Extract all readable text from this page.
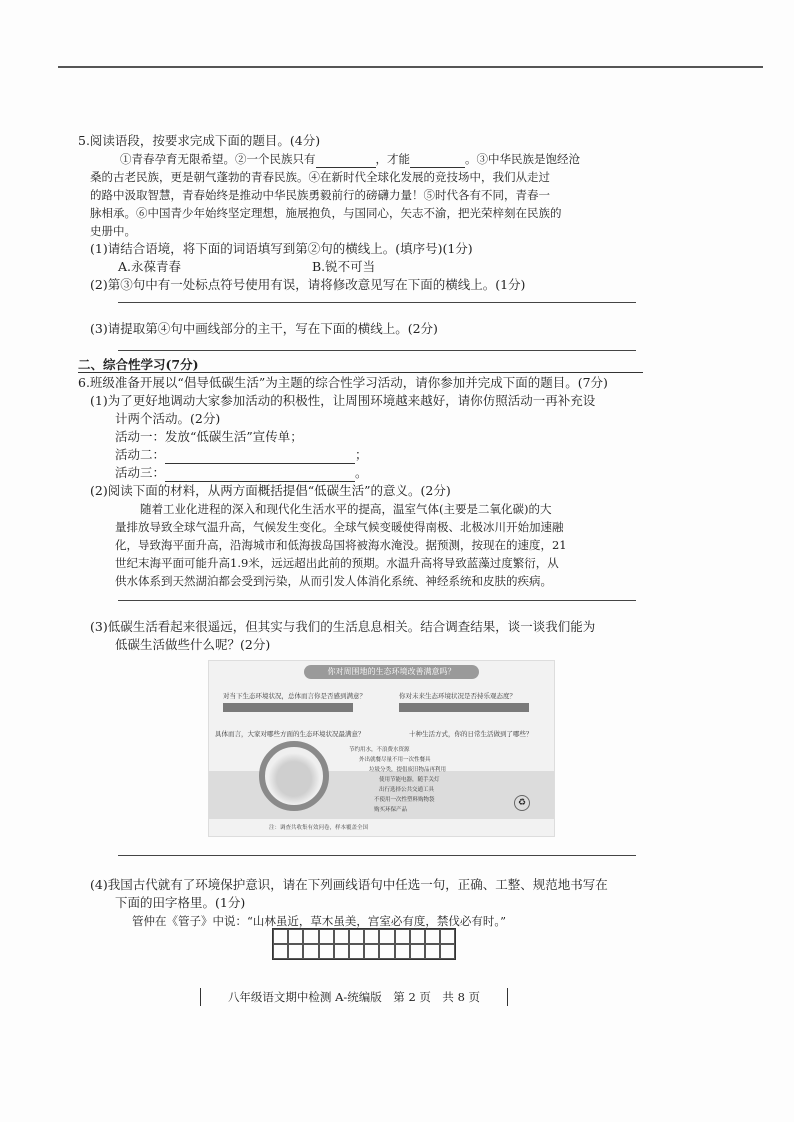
5.阅读语段，按要求完成下面的题目。(4分)
①青春孕育无限希望。②一个民族只有	，才能	。③中华民族是饱经沧
桑的古老民族，更是朝气蓬勃的青春民族。④在新时代全球化发展的竞技场中，我们从走过
的路中汲取智慧，青春始终是推动中华民族勇毅前行的磅礴力量！⑤时代各有不同，青春一
脉相承。⑥中国青少年始终坚定理想，施展抱负，与国同心，矢志不渝，把光荣梓刻在民族的
史册中。
(1)请结合语境，将下面的词语填写到第②句的横线上。(填序号)(1分)
A.永葆青春	B.锐不可当
(2)第③句中有一处标点符号使用有误，请将修改意见写在下面的横线上。(1分)
(3)请提取第④句中画线部分的主干，写在下面的横线上。(2分)
二、综合性学习(7分)
6.班级准备开展以“倡导低碳生活”为主题的综合性学习活动，请你参加并完成下面的题目。(7分)
(1)为了更好地调动大家参加活动的积极性，让周围环境越来越好，请你仿照活动一再补充设
计两个活动。(2分)
活动一：发放“低碳生活”宣传单；
活动二：	；
活动三：	。
(2)阅读下面的材料，从两方面概括提倡“低碳生活”的意义。(2分)
随着工业化进程的深入和现代化生活水平的提高，温室气体(主要是二氧化碳)的大
量排放导致全球气温升高，气候发生变化。全球气候变暖使得南极、北极冰川开始加速融
化，导致海平面升高，沿海城市和低海拔岛国将被海水淹没。据预测，按现在的速度，21
世纪末海平面可能升高1.9米，远远超出此前的预期。水温升高将导致蓝藻过度繁衍，从
供水体系到天然湖泊都会受到污染，从而引发人体消化系统、神经系统和皮肤的疾病。
(3)低碳生活看起来很遥远，但其实与我们的生活息息相关。结合调查结果，谈一谈我们能为
低碳生活做些什么呢？(2分)
你对周围地的生态环境改善满意吗？
对当下生态环境状况，总体而言你是否感到满意？	你对未来生态环境状况是否持乐观态度？
具体而言，大家对哪些方面的生态环境状况最满意？	十种生活方式，你的日常生活做到了哪些？
节约用水，不浪费水资源
外出就餐尽量不用一次性餐具
垃圾分类，提倡废旧物品再利用
使用节能电器，随手关灯
出行选择公共交通工具
不使用一次性塑料购物袋
购买环保产品
♻
注：调查共收集有效问卷，样本覆盖全国
(4)我国古代就有了环境保护意识，请在下列画线语句中任选一句，正确、工整、规范地书写在
下面的田字格里。(1分)
管仲在《管子》中说：“山林虽近，草木虽美，宫室必有度，禁伐必有时。”
八年级语文期中检测 A-统编版　第 2 页　共 8 页
